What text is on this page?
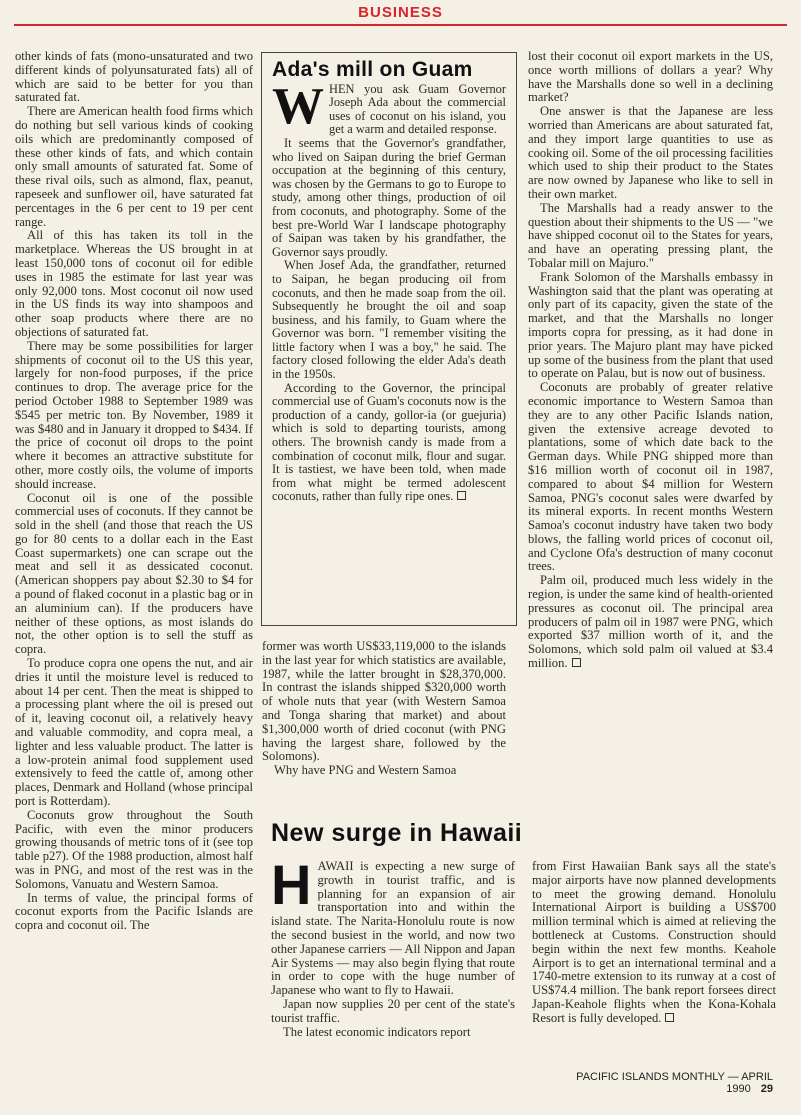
BUSINESS

other kinds of fats (mono-unsaturated and two different kinds of polyunsaturated fats) all of which are said to be better for you than saturated fat.

There are American health food firms which do nothing but sell various kinds of cooking oils which are predominantly composed of these other kinds of fats, and which contain only small amounts of saturated fat. Some of these rival oils, such as almond, flax, peanut, rapeseek and sunflower oil, have saturated fat percentages in the 6 per cent to 19 per cent range.

All of this has taken its toll in the marketplace. Whereas the US brought in at least 150,000 tons of coconut oil for edible uses in 1985 the estimate for last year was only 92,000 tons. Most coconut oil now used in the US finds its way into shampoos and other soap products where there are no objections of saturated fat.

There may be some possibilities for larger shipments of coconut oil to the US this year, largely for non-food purposes, if the price continues to drop. The average price for the period October 1988 to September 1989 was $545 per metric ton. By November, 1989 it was $480 and in January it dropped to $434. If the price of coconut oil drops to the point where it becomes an attractive substitute for other, more costly oils, the volume of imports should increase.

Coconut oil is one of the possible commercial uses of coconuts. If they cannot be sold in the shell (and those that reach the US go for 80 cents to a dollar each in the East Coast supermarkets) one can scrape out the meat and sell it as dessicated coconut. (American shoppers pay about $2.30 to $4 for a pound of flaked coconut in a plastic bag or in an aluminium can). If the producers have neither of these options, as most islands do not, the other option is to sell the stuff as copra.

To produce copra one opens the nut, and air dries it until the moisture level is reduced to about 14 per cent. Then the meat is shipped to a processing plant where the oil is presed out of it, leaving coconut oil, a relatively heavy and valuable commodity, and copra meal, a lighter and less valuable product. The latter is a low-protein animal food supplement used extensively to feed the cattle of, among other places, Denmark and Holland (whose principal port is Rotterdam).

Coconuts grow throughout the South Pacific, with even the minor producers growing thousands of metric tons of it (see top table p27). Of the 1988 production, almost half was in PNG, and most of the rest was in the Solomons, Vanuatu and Western Samoa.

In terms of value, the principal forms of coconut exports from the Pacific Islands are copra and coconut oil. The

Ada's mill on Guam

WHEN you ask Guam Governor Joseph Ada about the commercial uses of coconut on his island, you get a warm and detailed response.

It seems that the Governor's grandfather, who lived on Saipan during the brief German occupation at the beginning of this century, was chosen by the Germans to go to Europe to study, among other things, production of oil from coconuts, and photography. Some of the best pre-World War I landscape photography of Saipan was taken by his grandfather, the Governor says proudly.

When Josef Ada, the grandfather, returned to Saipan, he began producing oil from coconuts, and then he made soap from the oil. Subsequently he brought the oil and soap business, and his family, to Guam where the Governor was born. "I remember visiting the little factory when I was a boy," he said. The factory closed following the elder Ada's death in the 1950s.

According to the Governor, the principal commercial use of Guam's coconuts now is the production of a candy, gollor-ia (or guejuria) which is sold to departing tourists, among others. The brownish candy is made from a combination of coconut milk, flour and sugar. It is tastiest, we have been told, when made from what might be termed adolescent coconuts, rather than fully ripe ones.

former was worth US$33,119,000 to the islands in the last year for which statistics are available, 1987, while the latter brought in $28,370,000. In contrast the islands shipped $320,000 worth of whole nuts that year (with Western Samoa and Tonga sharing that market) and about $1,300,000 worth of dried coconut (with PNG having the largest share, followed by the Solomons).

Why have PNG and Western Samoa

lost their coconut oil export markets in the US, once worth millions of dollars a year? Why have the Marshalls done so well in a declining market?

One answer is that the Japanese are less worried than Americans are about saturated fat, and they import large quantities to use as cooking oil. Some of the oil processing facilities which used to ship their product to the States are now owned by Japanese who like to sell in their own market.

The Marshalls had a ready answer to the question about their shipments to the US — "we have shipped coconut oil to the States for years, and have an operating pressing plant, the Tobalar mill on Majuro."

Frank Solomon of the Marshalls embassy in Washington said that the plant was operating at only part of its capacity, given the state of the market, and that the Marshalls no longer imports copra for pressing, as it had done in prior years. The Majuro plant may have picked up some of the business from the plant that used to operate on Palau, but is now out of business.

Coconuts are probably of greater relative economic importance to Western Samoa than they are to any other Pacific Islands nation, given the extensive acreage devoted to plantations, some of which date back to the German days. While PNG shipped more than $16 million worth of coconut oil in 1987, compared to about $4 million for Western Samoa, PNG's coconut sales were dwarfed by its mineral exports. In recent months Western Samoa's coconut industry have taken two body blows, the falling world prices of coconut oil, and Cyclone Ofa's destruction of many coconut trees.

Palm oil, produced much less widely in the region, is under the same kind of health-oriented pressures as coconut oil. The principal area producers of palm oil in 1987 were PNG, which exported $37 million worth of it, and the Solomons, which sold palm oil valued at $3.4 million.

New surge in Hawaii

HAWAII is expecting a new surge of growth in tourist traffic, and is planning for an expansion of air transportation into and within the island state. The Narita-Honolulu route is now the second busiest in the world, and now two other Japanese carriers — All Nippon and Japan Air Systems — may also begin flying that route in order to cope with the huge number of Japanese who want to fly to Hawaii.

Japan now supplies 20 per cent of the state's tourist traffic.

The latest economic indicators report

from First Hawaiian Bank says all the state's major airports have now planned developments to meet the growing demand. Honolulu International Airport is building a US$700 million terminal which is aimed at relieving the bottleneck at Customs. Construction should begin within the next few months. Keahole Airport is to get an international terminal and a 1740-metre extension to its runway at a cost of US$74.4 million. The bank report forsees direct Japan-Keahole flights when the Kona-Kohala Resort is fully developed.

PACIFIC ISLANDS MONTHLY — APRIL 1990 29
